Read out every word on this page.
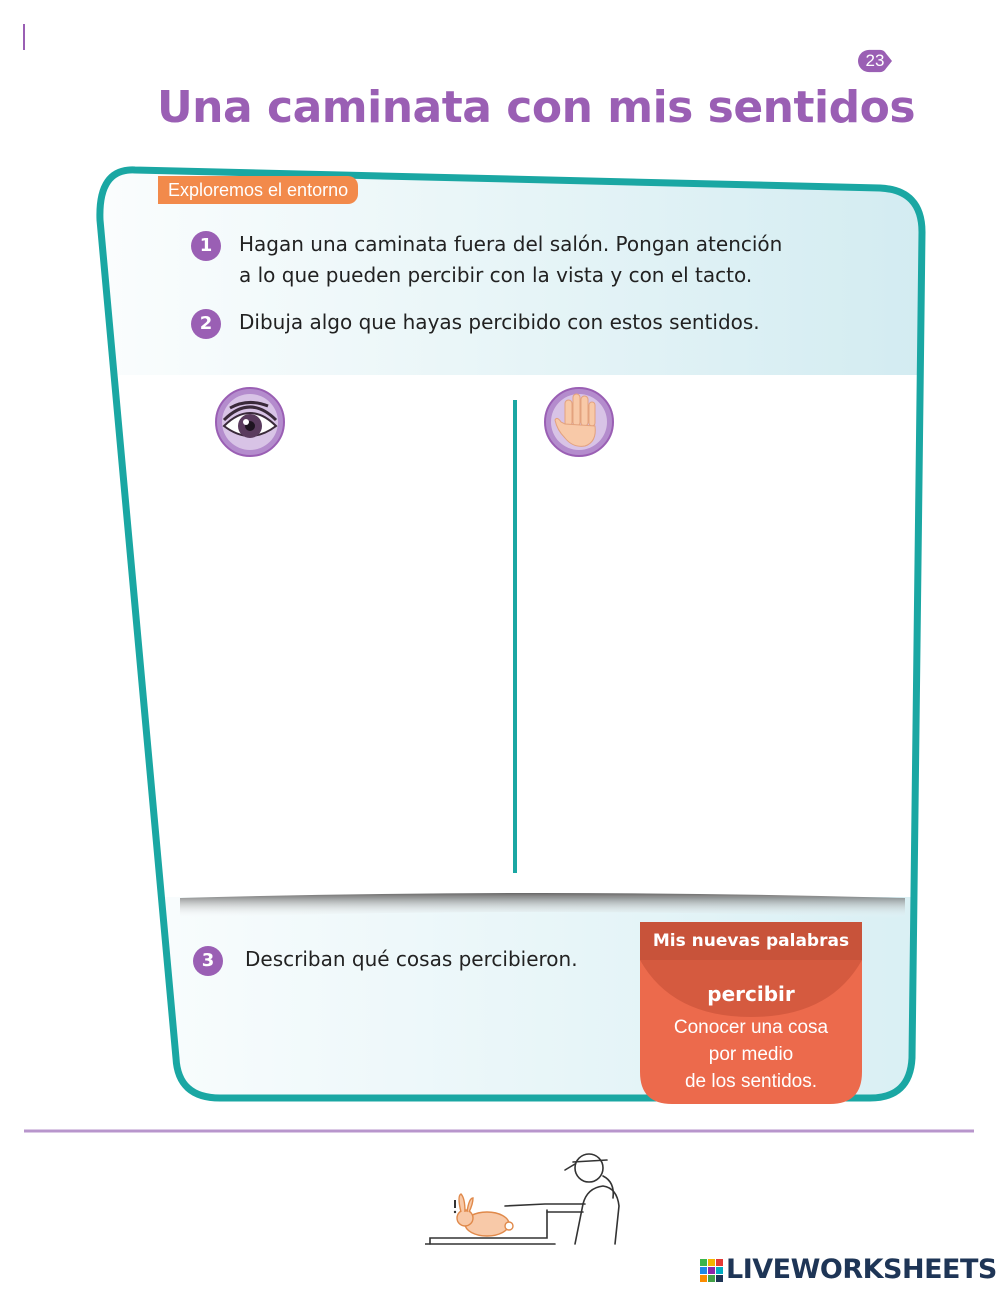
23
Una caminata con mis sentidos
Exploremos el entorno
1	Hagan una caminata fuera del salón. Pongan atención
a lo que pueden percibir con la vista y con el tacto.
2	Dibuja algo que hayas percibido con estos sentidos.
3	Describan qué cosas percibieron.
Mis nuevas palabras
percibir
Conocer una cosa
por medio
de los sentidos.
LIVEWORKSHEETS
